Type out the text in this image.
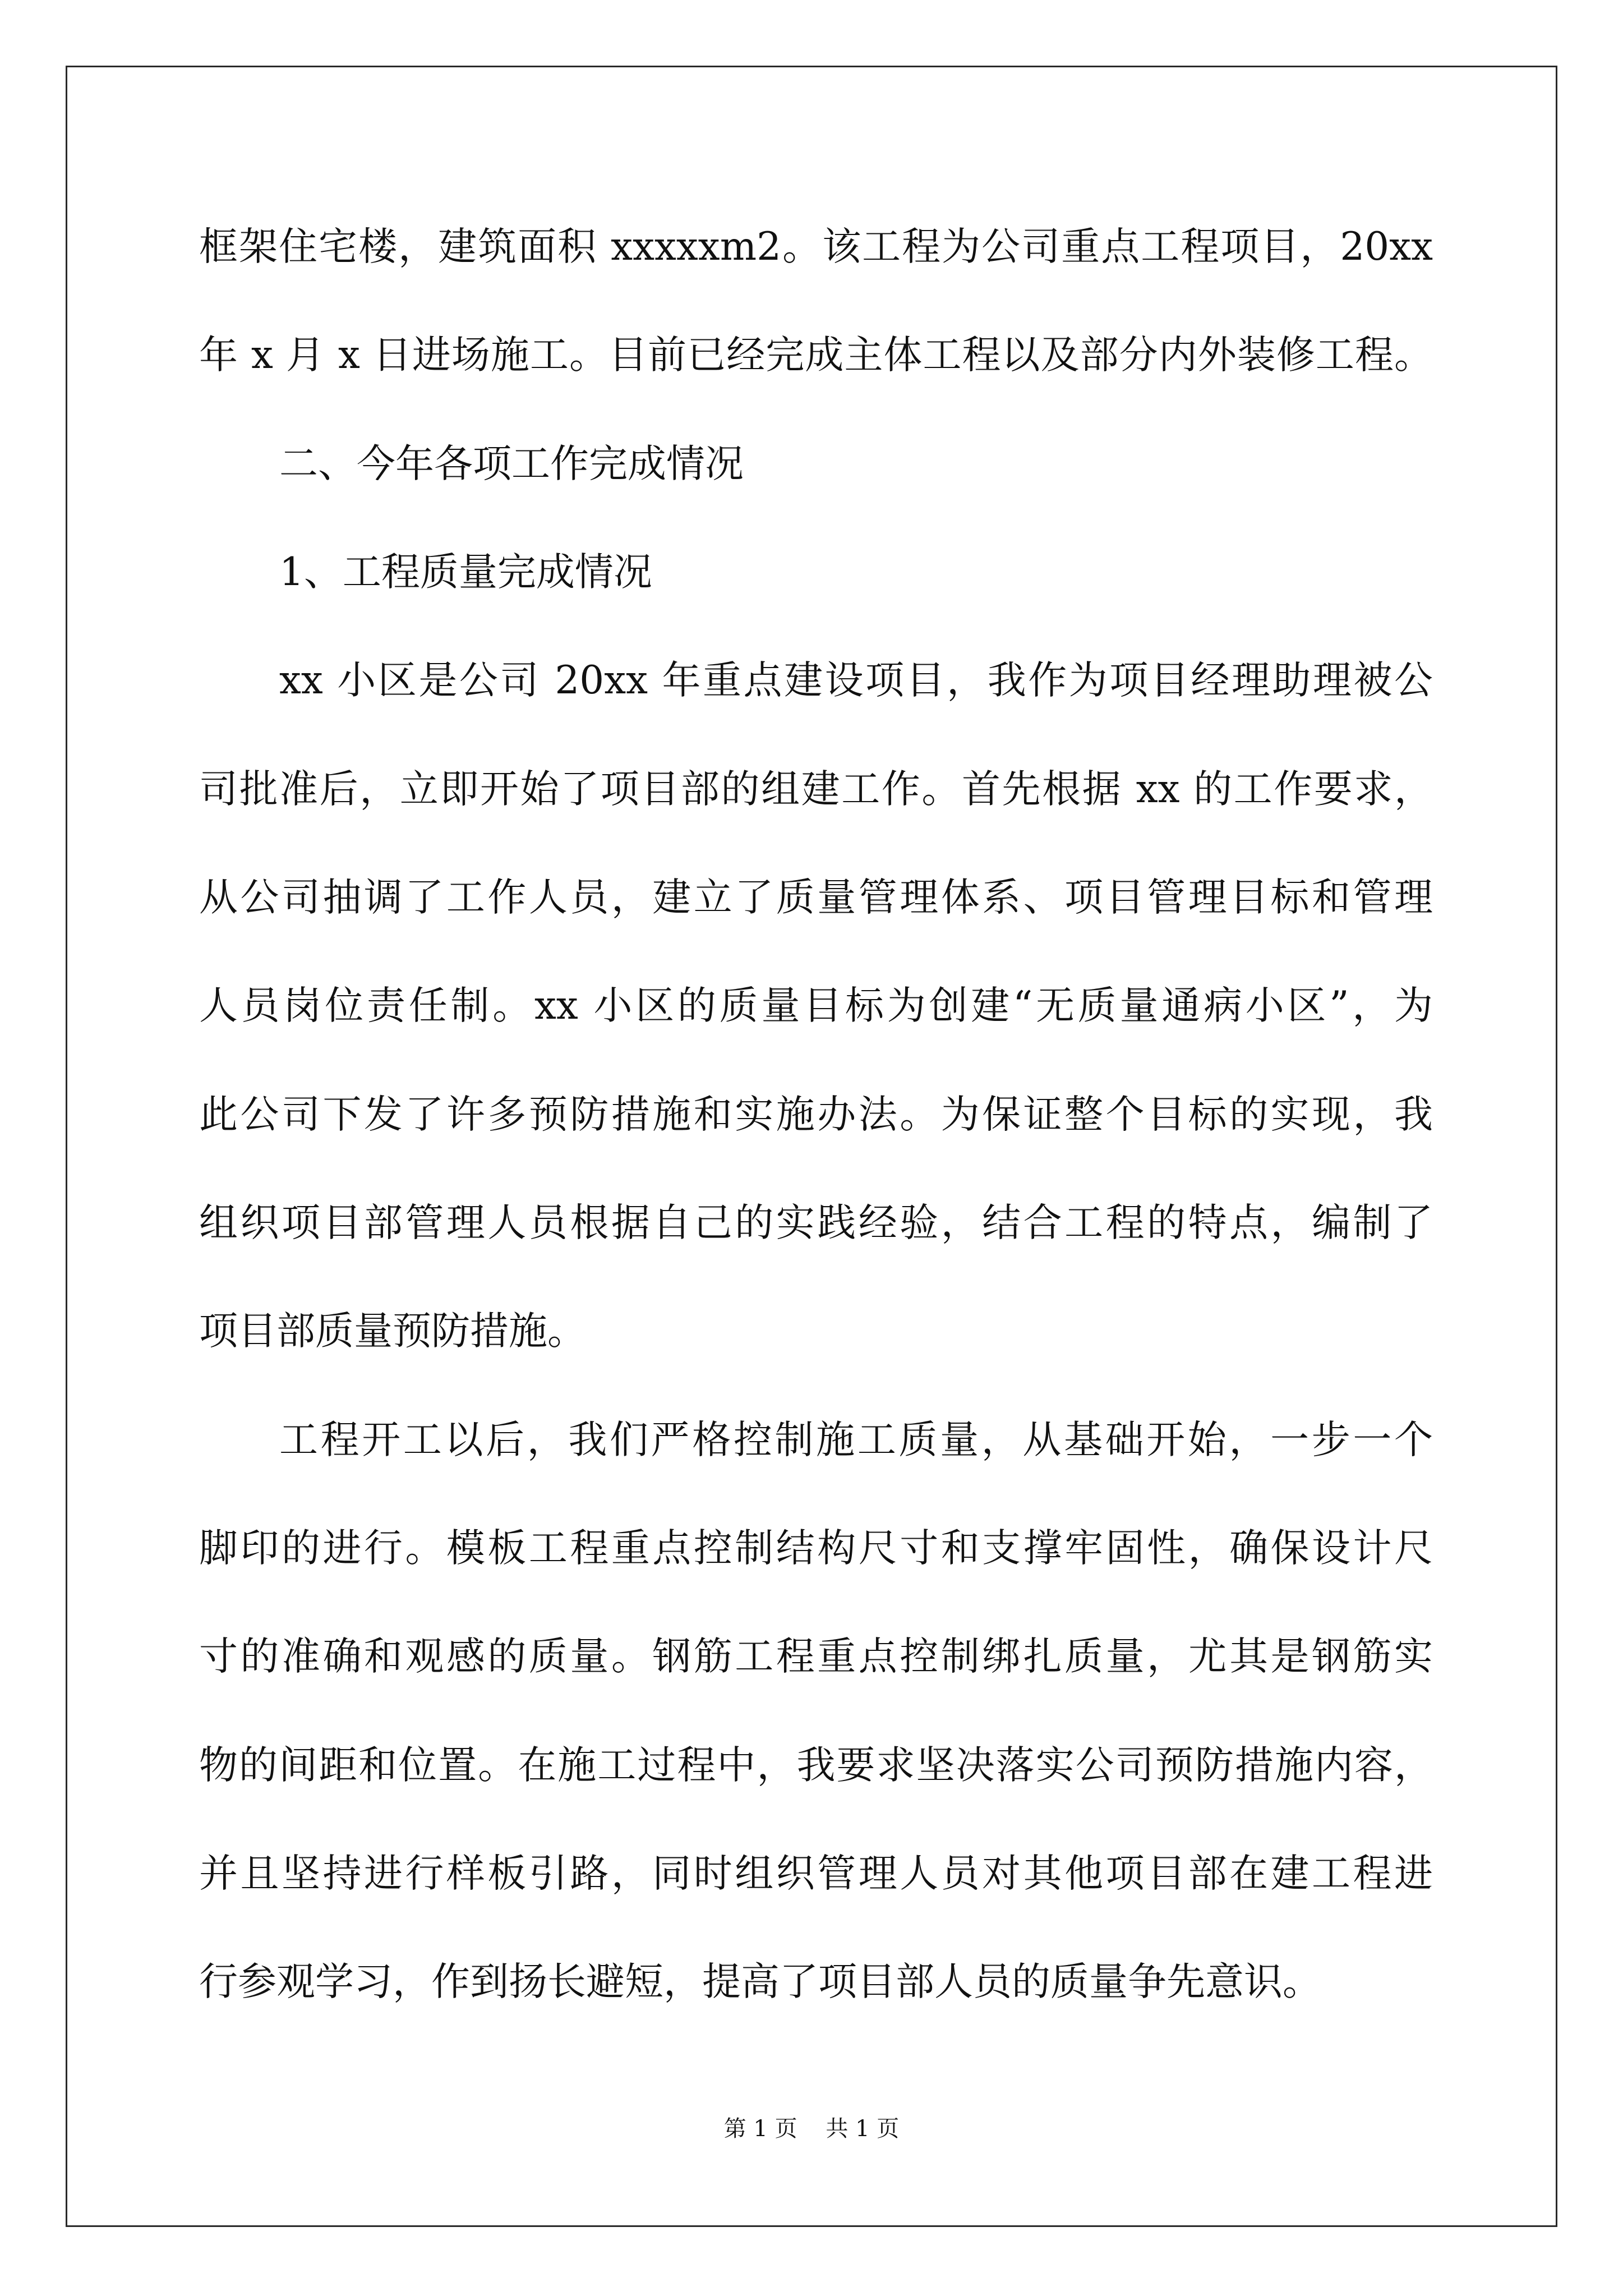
框架住宅楼，建筑面积 xxxxxm2。该工程为公司重点工程项目，20xx
年 x 月 x 日进场施工。目前已经完成主体工程以及部分内外装修工程。
二、今年各项工作完成情况
1、工程质量完成情况
xx 小区是公司 20xx 年重点建设项目，我作为项目经理助理被公
司批准后，立即开始了项目部的组建工作。首先根据 xx 的工作要求，
从公司抽调了工作人员，建立了质量管理体系、项目管理目标和管理
人员岗位责任制。xx 小区的质量目标为创建“无质量通病小区”，为
此公司下发了许多预防措施和实施办法。为保证整个目标的实现，我
组织项目部管理人员根据自己的实践经验，结合工程的特点，编制了
项目部质量预防措施。
工程开工以后，我们严格控制施工质量，从基础开始，一步一个
脚印的进行。模板工程重点控制结构尺寸和支撑牢固性，确保设计尺
寸的准确和观感的质量。钢筋工程重点控制绑扎质量，尤其是钢筋实
物的间距和位置。在施工过程中，我要求坚决落实公司预防措施内容，
并且坚持进行样板引路，同时组织管理人员对其他项目部在建工程进
行参观学习，作到扬长避短，提高了项目部人员的质量争先意识。
第 1 页    共 1 页
